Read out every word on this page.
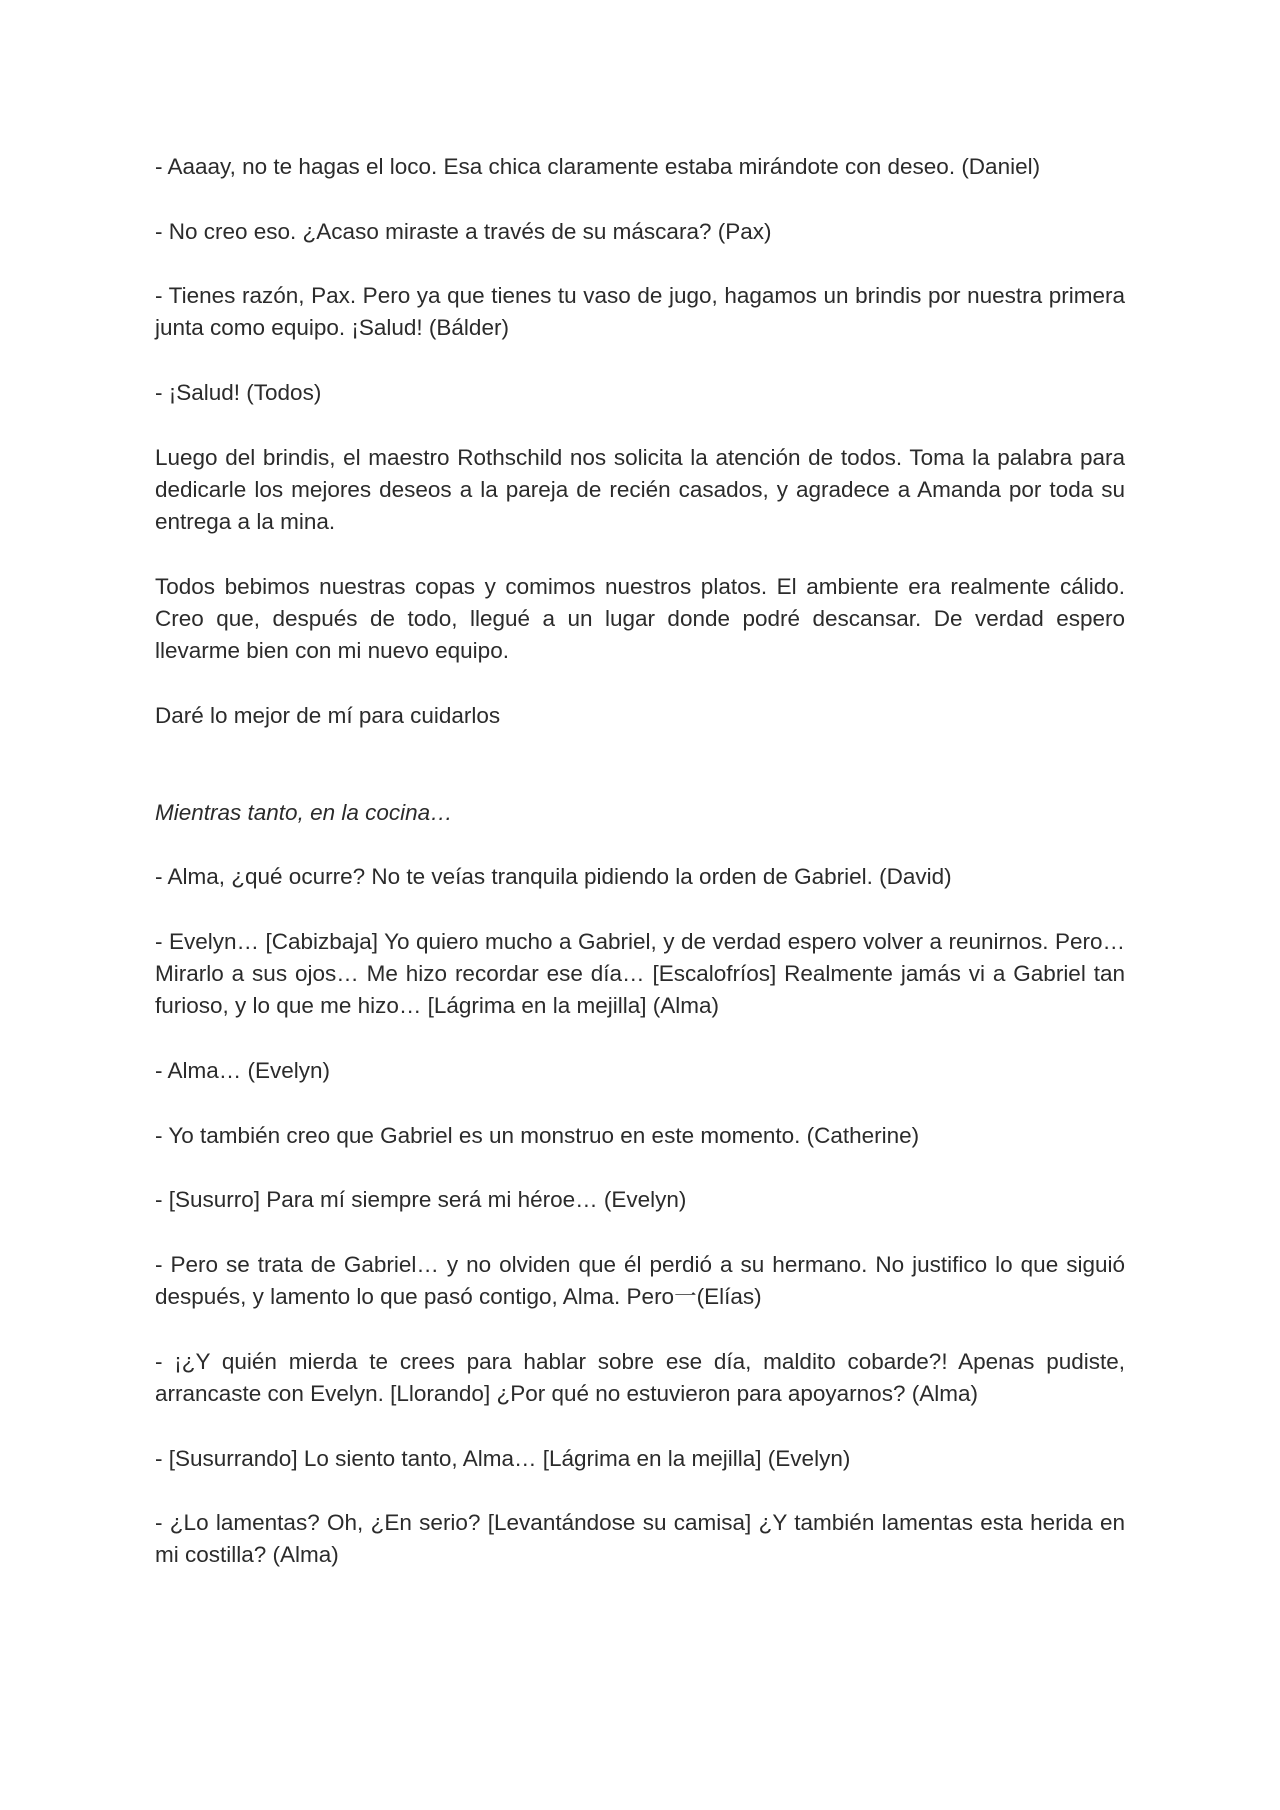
- Aaaay, no te hagas el loco. Esa chica claramente estaba mirándote con deseo. (Daniel)

- No creo eso. ¿Acaso miraste a través de su máscara? (Pax)

- Tienes razón, Pax. Pero ya que tienes tu vaso de jugo, hagamos un brindis por nuestra primera junta como equipo. ¡Salud! (Bálder)

- ¡Salud! (Todos)

Luego del brindis, el maestro Rothschild nos solicita la atención de todos. Toma la palabra para dedicarle los mejores deseos a la pareja de recién casados, y agradece a Amanda por toda su entrega a la mina.

Todos bebimos nuestras copas y comimos nuestros platos. El ambiente era realmente cálido. Creo que, después de todo, llegué a un lugar donde podré descansar. De verdad espero llevarme bien con mi nuevo equipo.

Daré lo mejor de mí para cuidarlos

Mientras tanto, en la cocina…

- Alma, ¿qué ocurre? No te veías tranquila pidiendo la orden de Gabriel. (David)

- Evelyn… [Cabizbaja] Yo quiero mucho a Gabriel, y de verdad espero volver a reunirnos. Pero… Mirarlo a sus ojos… Me hizo recordar ese día… [Escalofríos] Realmente jamás vi a Gabriel tan furioso, y lo que me hizo… [Lágrima en la mejilla] (Alma)

- Alma… (Evelyn)

- Yo también creo que Gabriel es un monstruo en este momento. (Catherine)

- [Susurro] Para mí siempre será mi héroe… (Evelyn)

- Pero se trata de Gabriel… y no olviden que él perdió a su hermano. No justifico lo que siguió después, y lamento lo que pasó contigo, Alma. Pero一(Elías)

- ¡¿Y quién mierda te crees para hablar sobre ese día, maldito cobarde?! Apenas pudiste, arrancaste con Evelyn. [Llorando] ¿Por qué no estuvieron para apoyarnos? (Alma)

- [Susurrando] Lo siento tanto, Alma… [Lágrima en la mejilla] (Evelyn)

- ¿Lo lamentas? Oh, ¿En serio? [Levantándose su camisa] ¿Y también lamentas esta herida en mi costilla? (Alma)
